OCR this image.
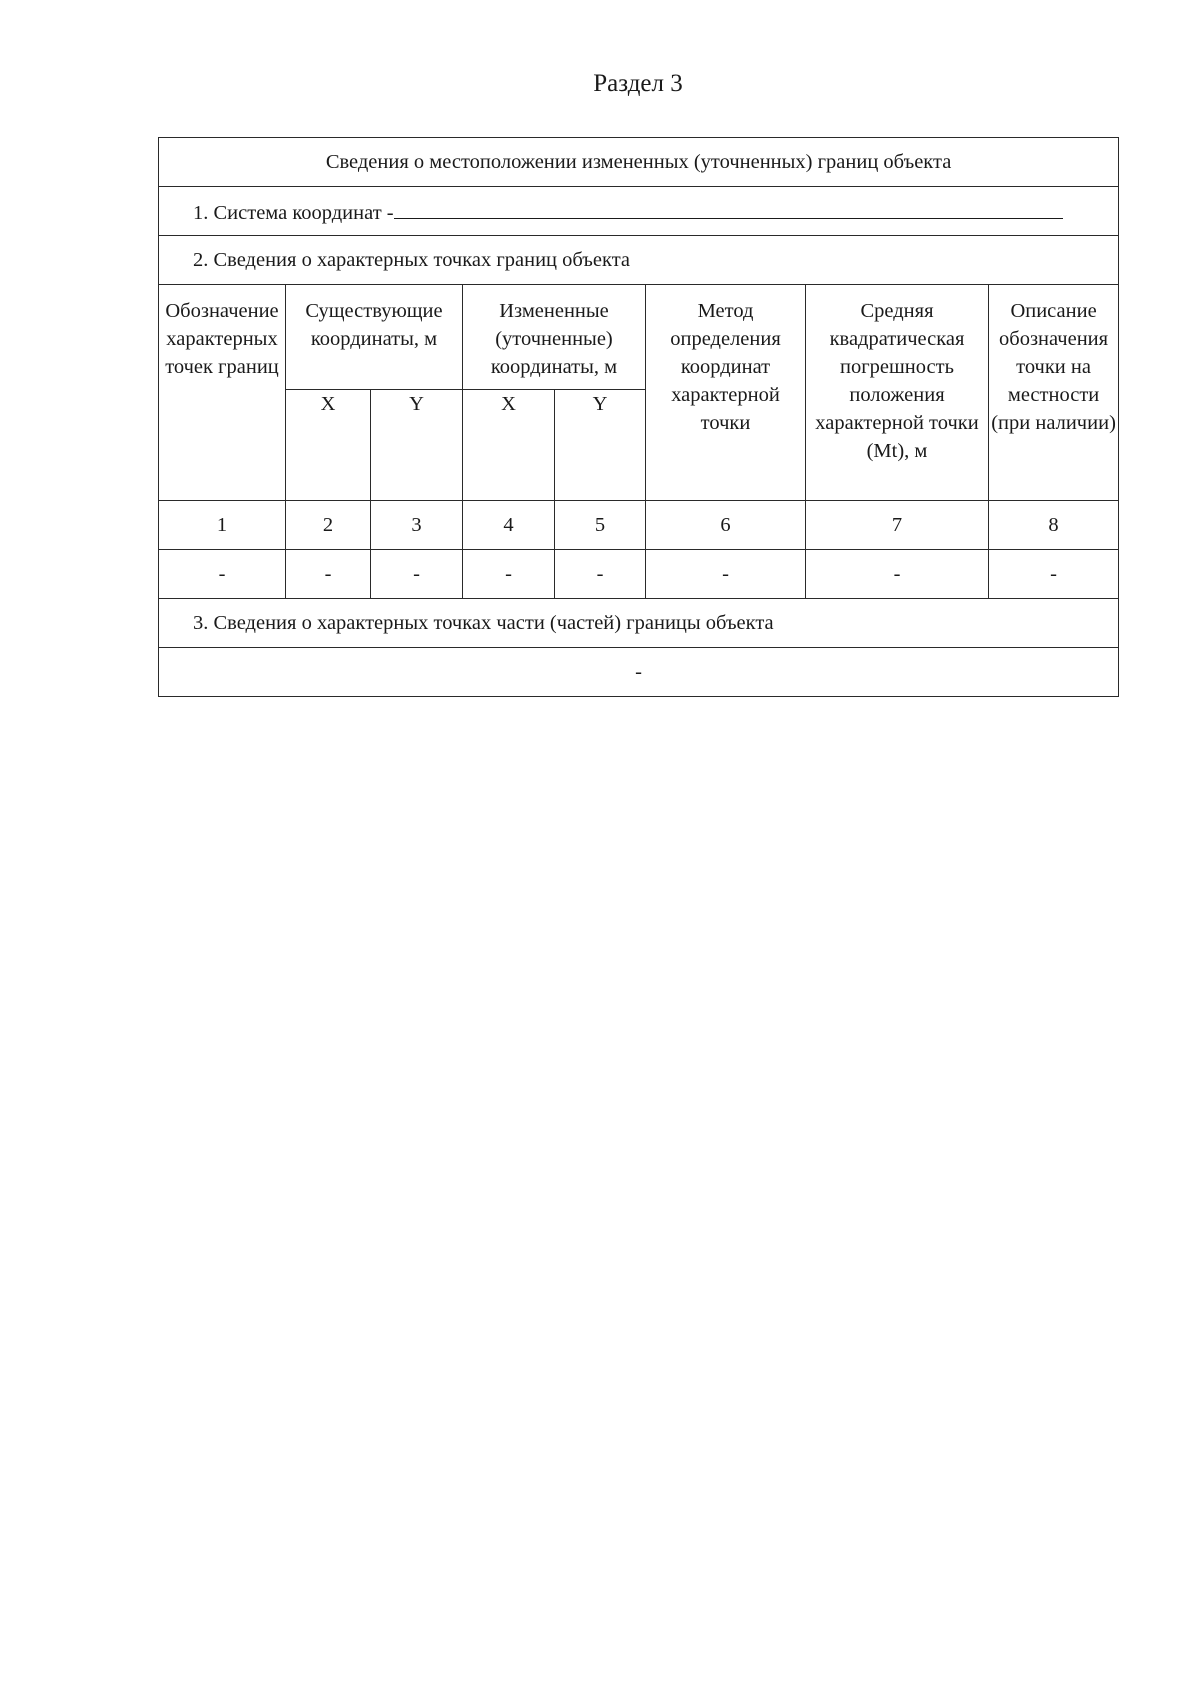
Раздел 3
Сведения о местоположении измененных (уточненных) границ объекта							
1. Система координат -							
2. Сведения о характерных точках границ объекта							
Обозначение характерных точек границ	Существующие координаты, м		Измененные (уточненные) координаты, м		Метод определения координат характерной точки	Средняя квадратическая погрешность положения характерной точки (Mt), м	Описание обозначения точки на местности (при наличии)
	X	Y	X	Y			
1	2	3	4	5	6	7	8
-	-	-	-	-	-	-	-
3. Сведения о характерных точках части (частей) границы объекта							
-							
